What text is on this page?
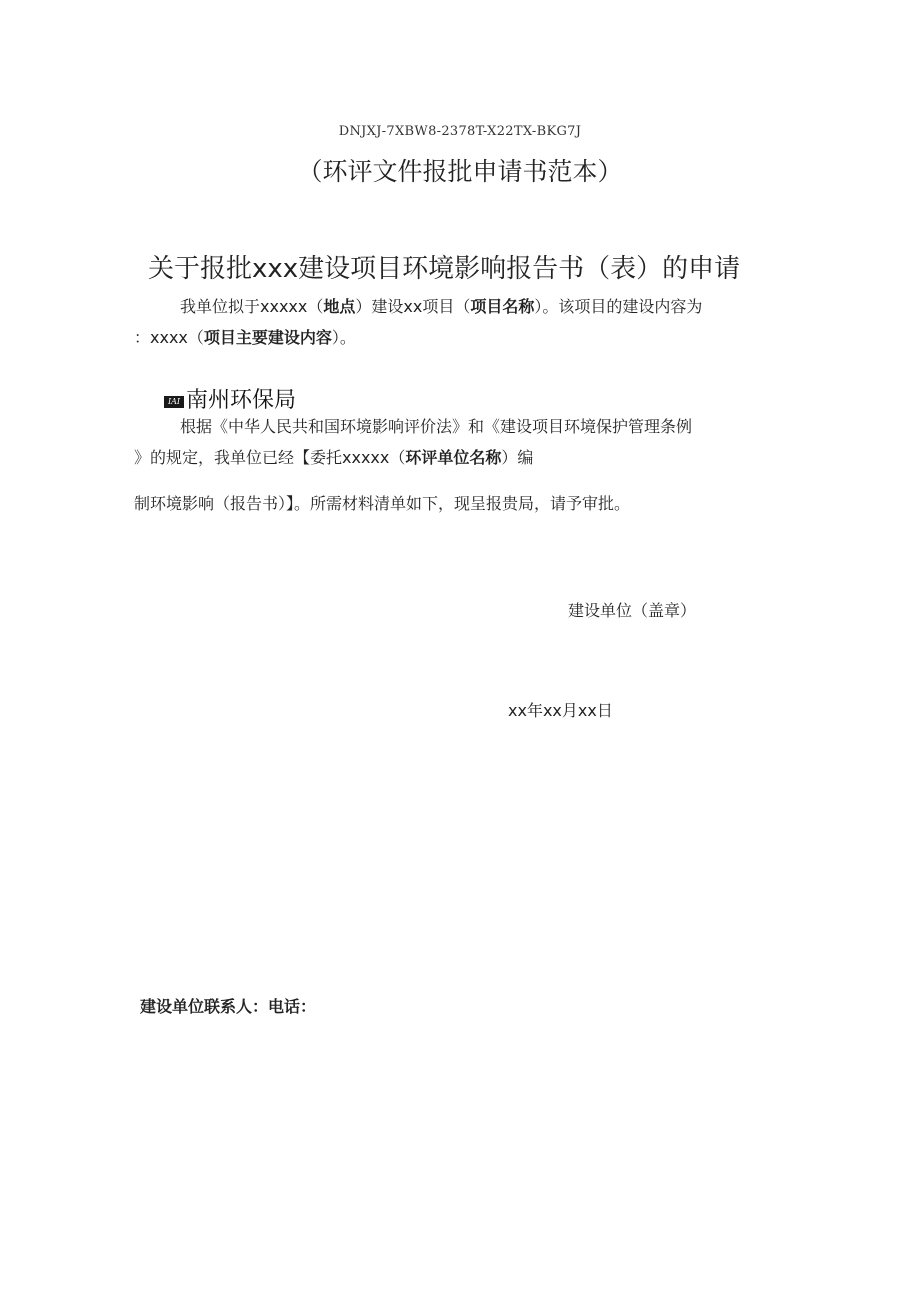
DNJXJ-7XBW8-2378T-X22TX-BKG7J
（环评文件报批申请书范本）
关于报批xxx建设项目环境影响报告书（表）的申请
我单位拟于xxxxx（地点）建设xx项目（项目名称）。该项目的建设内容为
：xxxx（项目主要建设内容）。
IAI 南州环保局
根据《中华人民共和国环境影响评价法》和《建设项目环境保护管理条例
》的规定，我单位已经【委托xxxxx（环评单位名称）编
制环境影响（报告书）】。所需材料清单如下，现呈报贵局，请予审批。
建设单位（盖章）
xx年xx月xx日
建设单位联系人：电话：
